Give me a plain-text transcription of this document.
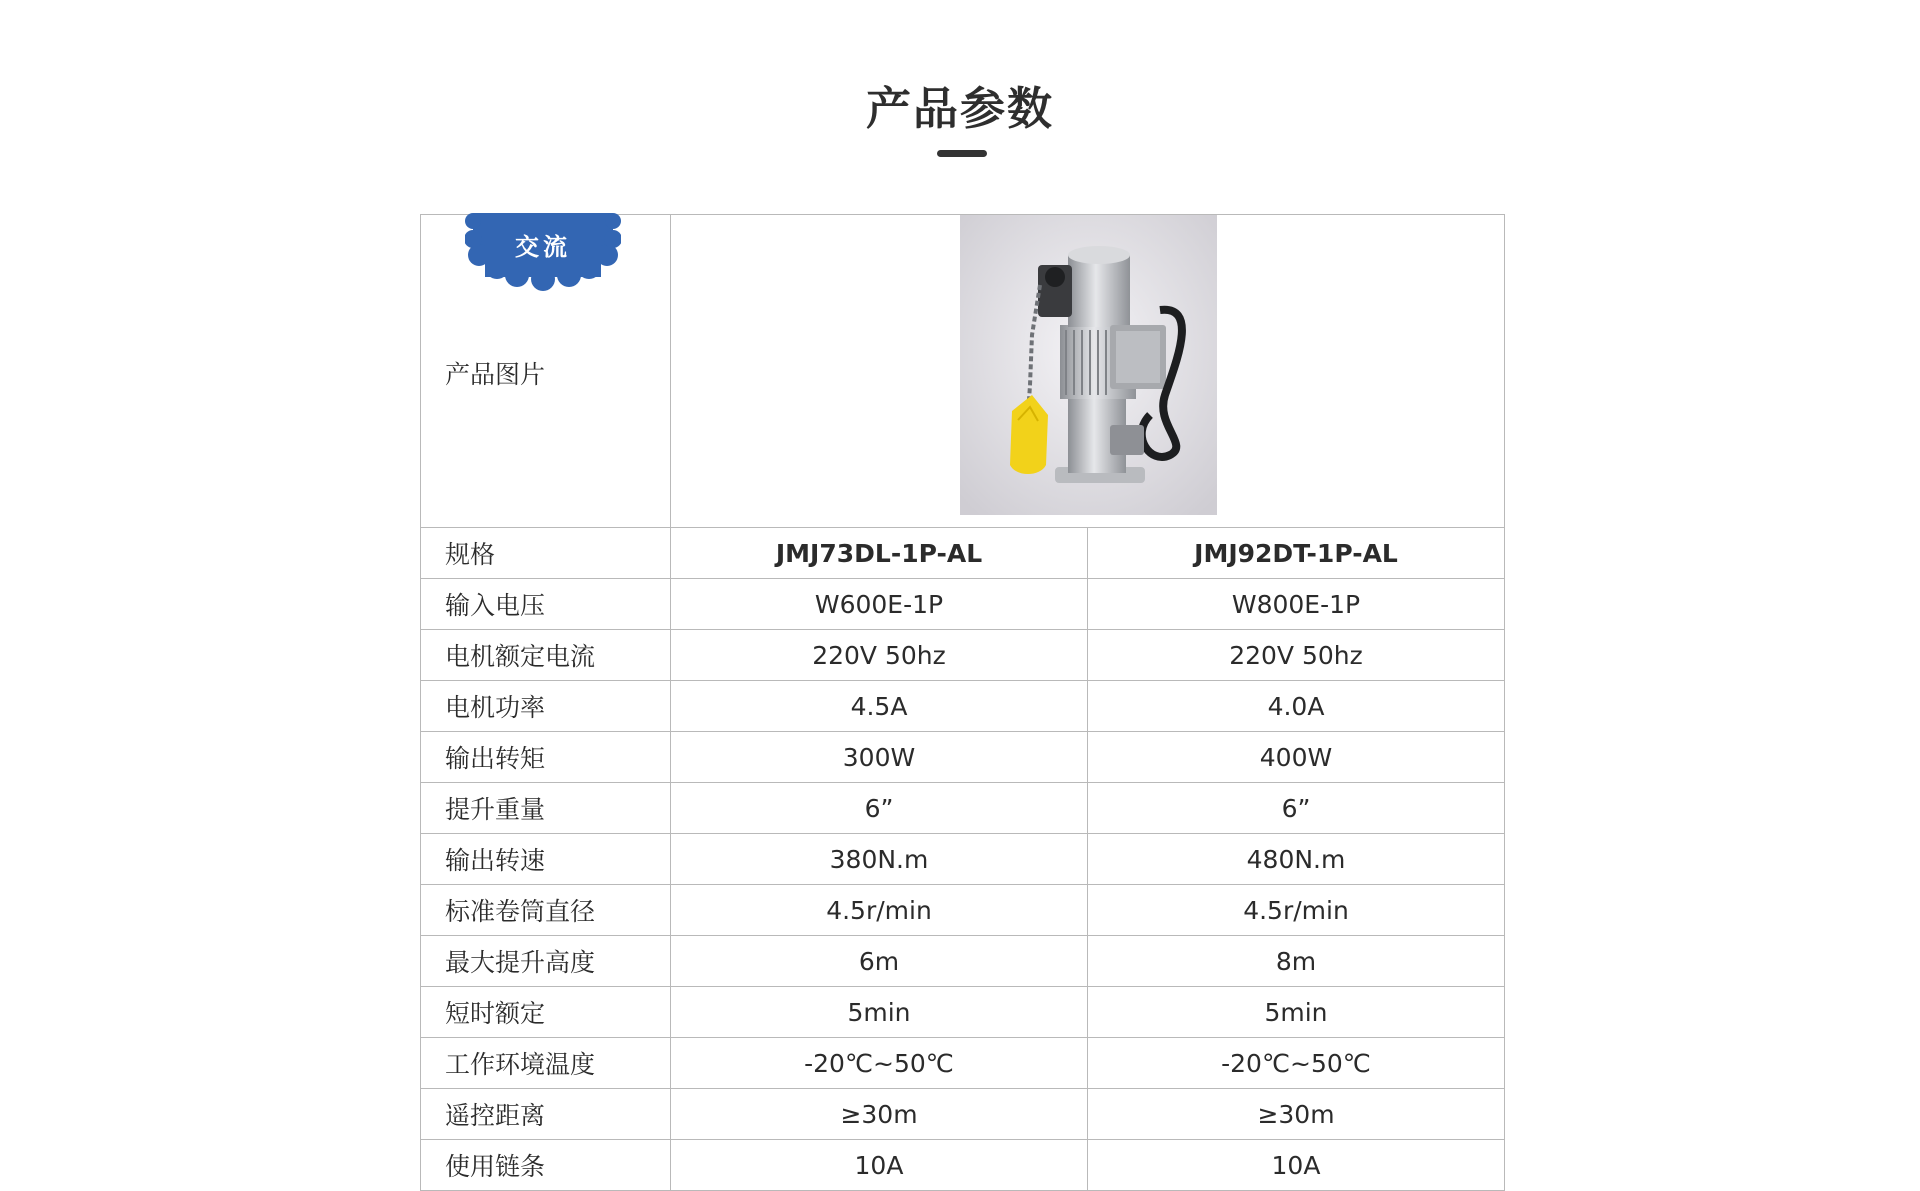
产品参数
交流
产品图片

规格	JMJ73DL-1P-AL	JMJ92DT-1P-AL
输入电压	W600E-1P	W800E-1P
电机额定电流	220V 50hz	220V 50hz
电机功率	4.5A	4.0A
输出转矩	300W	400W
提升重量	6”	6”
输出转速	380N.m	480N.m
标准卷筒直径	4.5r/min	4.5r/min
最大提升高度	6m	8m
短时额定	5min	5min
工作环境温度	-20℃~50℃	-20℃~50℃
遥控距离	≥30m	≥30m
使用链条	10A	10A
